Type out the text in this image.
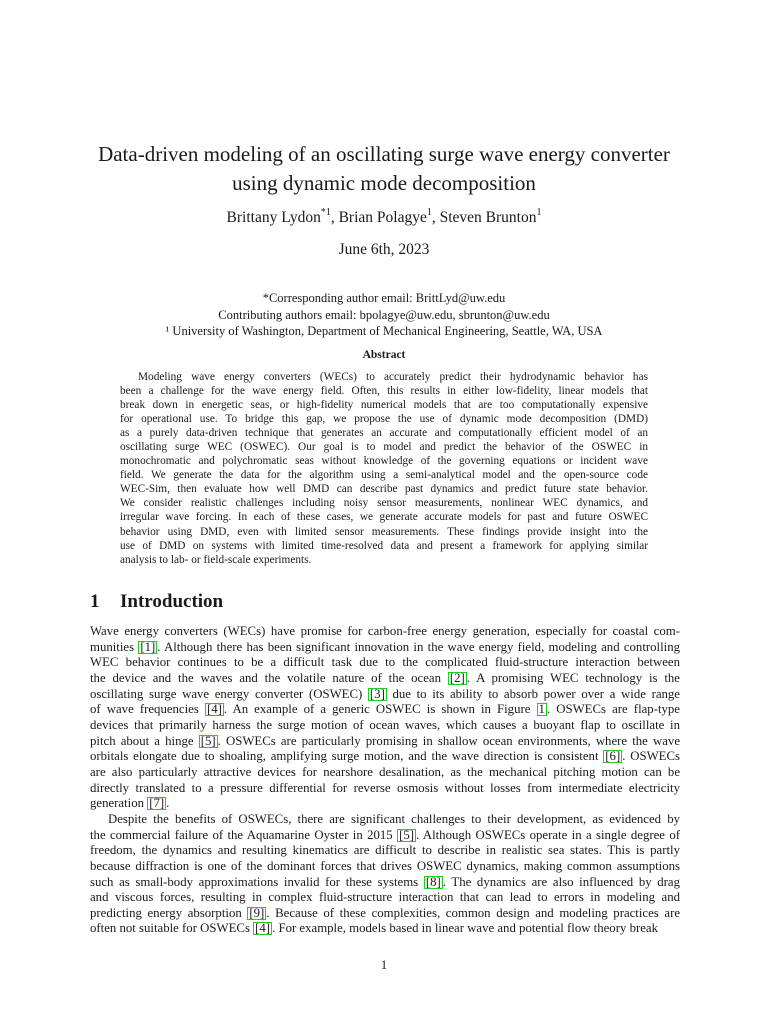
Data-driven modeling of an oscillating surge wave energy converter
using dynamic mode decomposition
Brittany Lydon$^{*1}$, Brian Polagye$^1$, Steven Brunton$^1$
June 6th, 2023
*Corresponding author email: BrittLyd@uw.edu
Contributing authors email: bpolagye@uw.edu, sbrunton@uw.edu
¹ University of Washington, Department of Mechanical Engineering, Seattle, WA, USA
Abstract
Modeling wave energy converters (WECs) to accurately predict their hydrodynamic behavior has
been a challenge for the wave energy field. Often, this results in either low-fidelity, linear models that
break down in energetic seas, or high-fidelity numerical models that are too computationally expensive
for operational use. To bridge this gap, we propose the use of dynamic mode decomposition (DMD)
as a purely data-driven technique that generates an accurate and computationally efficient model of an
oscillating surge WEC (OSWEC). Our goal is to model and predict the behavior of the OSWEC in
monochromatic and polychromatic seas without knowledge of the governing equations or incident wave
field. We generate the data for the algorithm using a semi-analytical model and the open-source code
WEC-Sim, then evaluate how well DMD can describe past dynamics and predict future state behavior.
We consider realistic challenges including noisy sensor measurements, nonlinear WEC dynamics, and
irregular wave forcing. In each of these cases, we generate accurate models for past and future OSWEC
behavior using DMD, even with limited sensor measurements. These findings provide insight into the
use of DMD on systems with limited time-resolved data and present a framework for applying similar
analysis to lab- or field-scale experiments.
1 Introduction
Wave energy converters (WECs) have promise for carbon-free energy generation, especially for coastal com-
munities [1] . Although there has been significant innovation in the wave energy field, modeling and controlling
WEC behavior continues to be a difficult task due to the complicated fluid-structure interaction between
the device and the waves and the volatile nature of the ocean [2] . A promising WEC technology is the
oscillating surge wave energy converter (OSWEC) [3] due to its ability to absorb power over a wide range
of wave frequencies [4] . An example of a generic OSWEC is shown in Figure 1 . OSWECs are flap-type
devices that primarily harness the surge motion of ocean waves, which causes a buoyant flap to oscillate in
pitch about a hinge [5] . OSWECs are particularly promising in shallow ocean environments, where the wave
orbitals elongate due to shoaling, amplifying surge motion, and the wave direction is consistent [6] . OSWECs
are also particularly attractive devices for nearshore desalination, as the mechanical pitching motion can be
directly translated to a pressure differential for reverse osmosis without losses from intermediate electricity
generation [7] .
Despite the benefits of OSWECs, there are significant challenges to their development, as evidenced by
the commercial failure of the Aquamarine Oyster in 2015 [5] . Although OSWECs operate in a single degree of
freedom, the dynamics and resulting kinematics are difficult to describe in realistic sea states. This is partly
because diffraction is one of the dominant forces that drives OSWEC dynamics, making common assumptions
such as small-body approximations invalid for these systems [8] . The dynamics are also influenced by drag
and viscous forces, resulting in complex fluid-structure interaction that can lead to errors in modeling and
predicting energy absorption [9] . Because of these complexities, common design and modeling practices are
often not suitable for OSWECs [4] . For example, models based in linear wave and potential flow theory break
1
